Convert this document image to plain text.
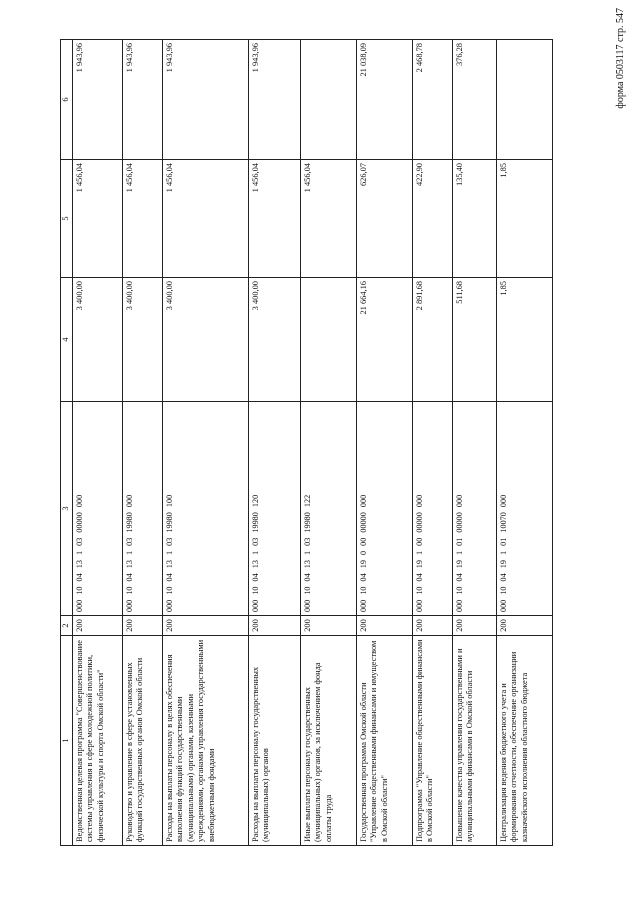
форма 0503117 стр. 547
1	2	3	4	5	6
Ведомственная целевая программа "Совершенствование системы управления в сфере молодежной политики, физической культуры и спорта Омской области"	200	000 10 04 13 1 03 00000 000	3 400,00	1 456,04	1 943,96
Руководство и управление в сфере установленных функций государственных органов Омской области	200	000 10 04 13 1 03 19980 000	3 400,00	1 456,04	1 943,96
Расходы на выплаты персоналу в целях обеспечения выполнения функций государственными (муниципальными) органами, казенными учреждениями, органами управления государственными внебюджетными фондами	200	000 10 04 13 1 03 19980 100	3 400,00	1 456,04	1 943,96
Расходы на выплаты персоналу государственных (муниципальных) органов	200	000 10 04 13 1 03 19980 120	3 400,00	1 456,04	1 943,96
Иные выплаты персоналу государственных (муниципальных) органов, за исключением фонда оплаты труда	200	000 10 04 13 1 03 19980 122		1 456,04	
Государственная программа Омской области "Управление общественными финансами и имуществом в Омской области"	200	000 10 04 19 0 00 00000 000	21 664,16	626,07	21 038,09
Подпрограмма "Управление общественными финансами в Омской области"	200	000 10 04 19 1 00 00000 000	2 891,68	422,90	2 468,78
Повышение качества управления государственными и муниципальными финансами в Омской области	200	000 10 04 19 1 01 00000 000	511,68	135,40	376,28
Централизация ведения бюджетного учета и формирования отчетности, обеспечение организации казначейского исполнения областного бюджета	200	000 10 04 19 1 01 10070 000	1,85	1,85	
